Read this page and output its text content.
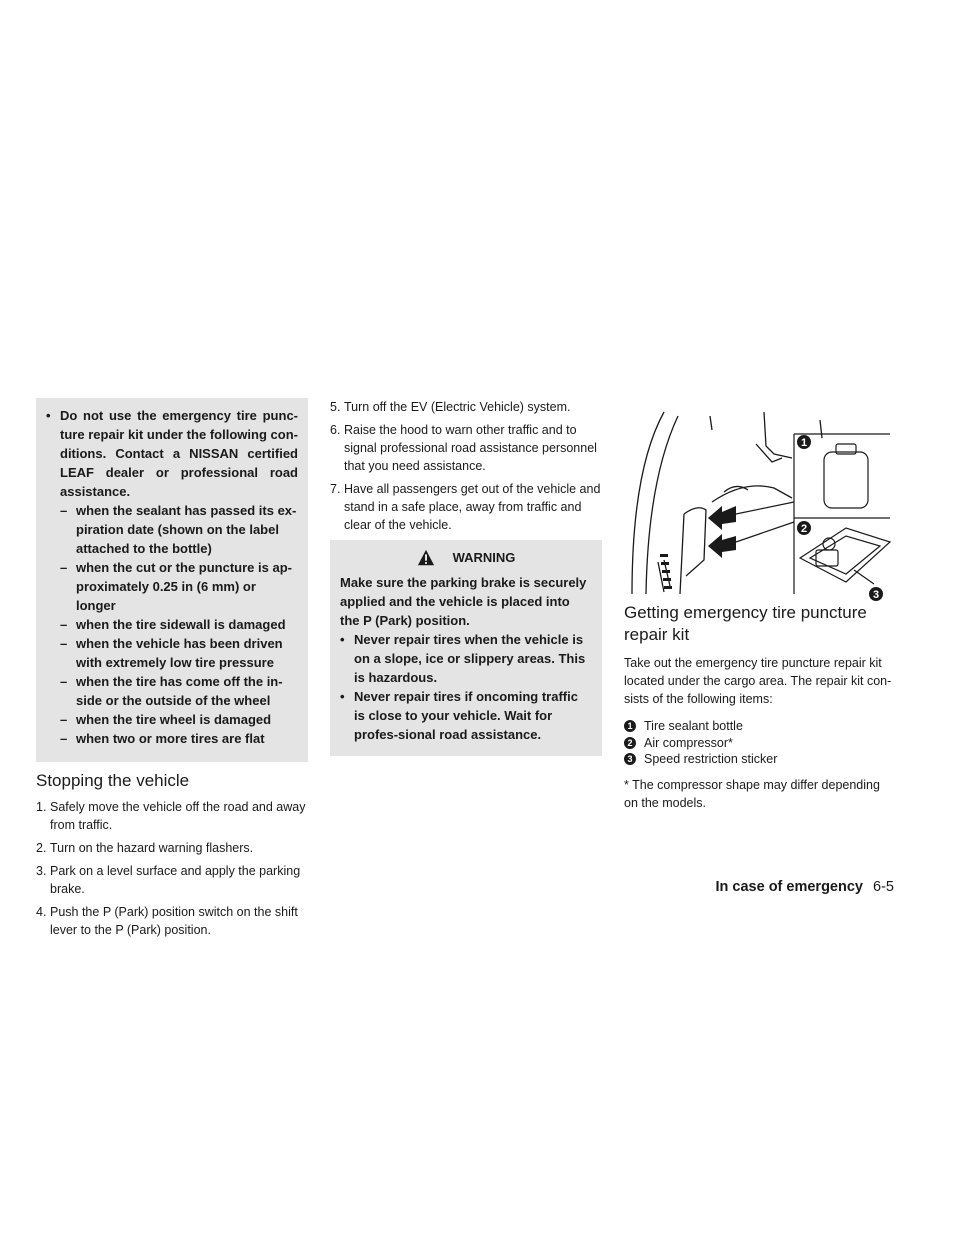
• Do not use the emergency tire punc-ture repair kit under the following con-ditions. Contact a NISSAN certified LEAF dealer or professional road assistance.
– when the sealant has passed its ex-piration date (shown on the label attached to the bottle)
– when the cut or the puncture is ap-proximately 0.25 in (6 mm) or longer
– when the tire sidewall is damaged
– when the vehicle has been driven with extremely low tire pressure
– when the tire has come off the in-side or the outside of the wheel
– when the tire wheel is damaged
– when two or more tires are flat
Stopping the vehicle
1. Safely move the vehicle off the road and away from traffic.
2. Turn on the hazard warning flashers.
3. Park on a level surface and apply the parking brake.
4. Push the P (Park) position switch on the shift lever to the P (Park) position.
5. Turn off the EV (Electric Vehicle) system.
6. Raise the hood to warn other traffic and to signal professional road assistance personnel that you need assistance.
7. Have all passengers get out of the vehicle and stand in a safe place, away from traffic and clear of the vehicle.
WARNING
Make sure the parking brake is securely applied and the vehicle is placed into the P (Park) position.
• Never repair tires when the vehicle is on a slope, ice or slippery areas. This is hazardous.
• Never repair tires if oncoming traffic is close to your vehicle. Wait for profes-sional road assistance.
1
2
3
Getting emergency tire puncture repair kit

Take out the emergency tire puncture repair kit located under the cargo area. The repair kit con-sists of the following items:

1 Tire sealant bottle
2 Air compressor*
3 Speed restriction sticker

* The compressor shape may differ depending on the models.

In case of emergency 6-5
